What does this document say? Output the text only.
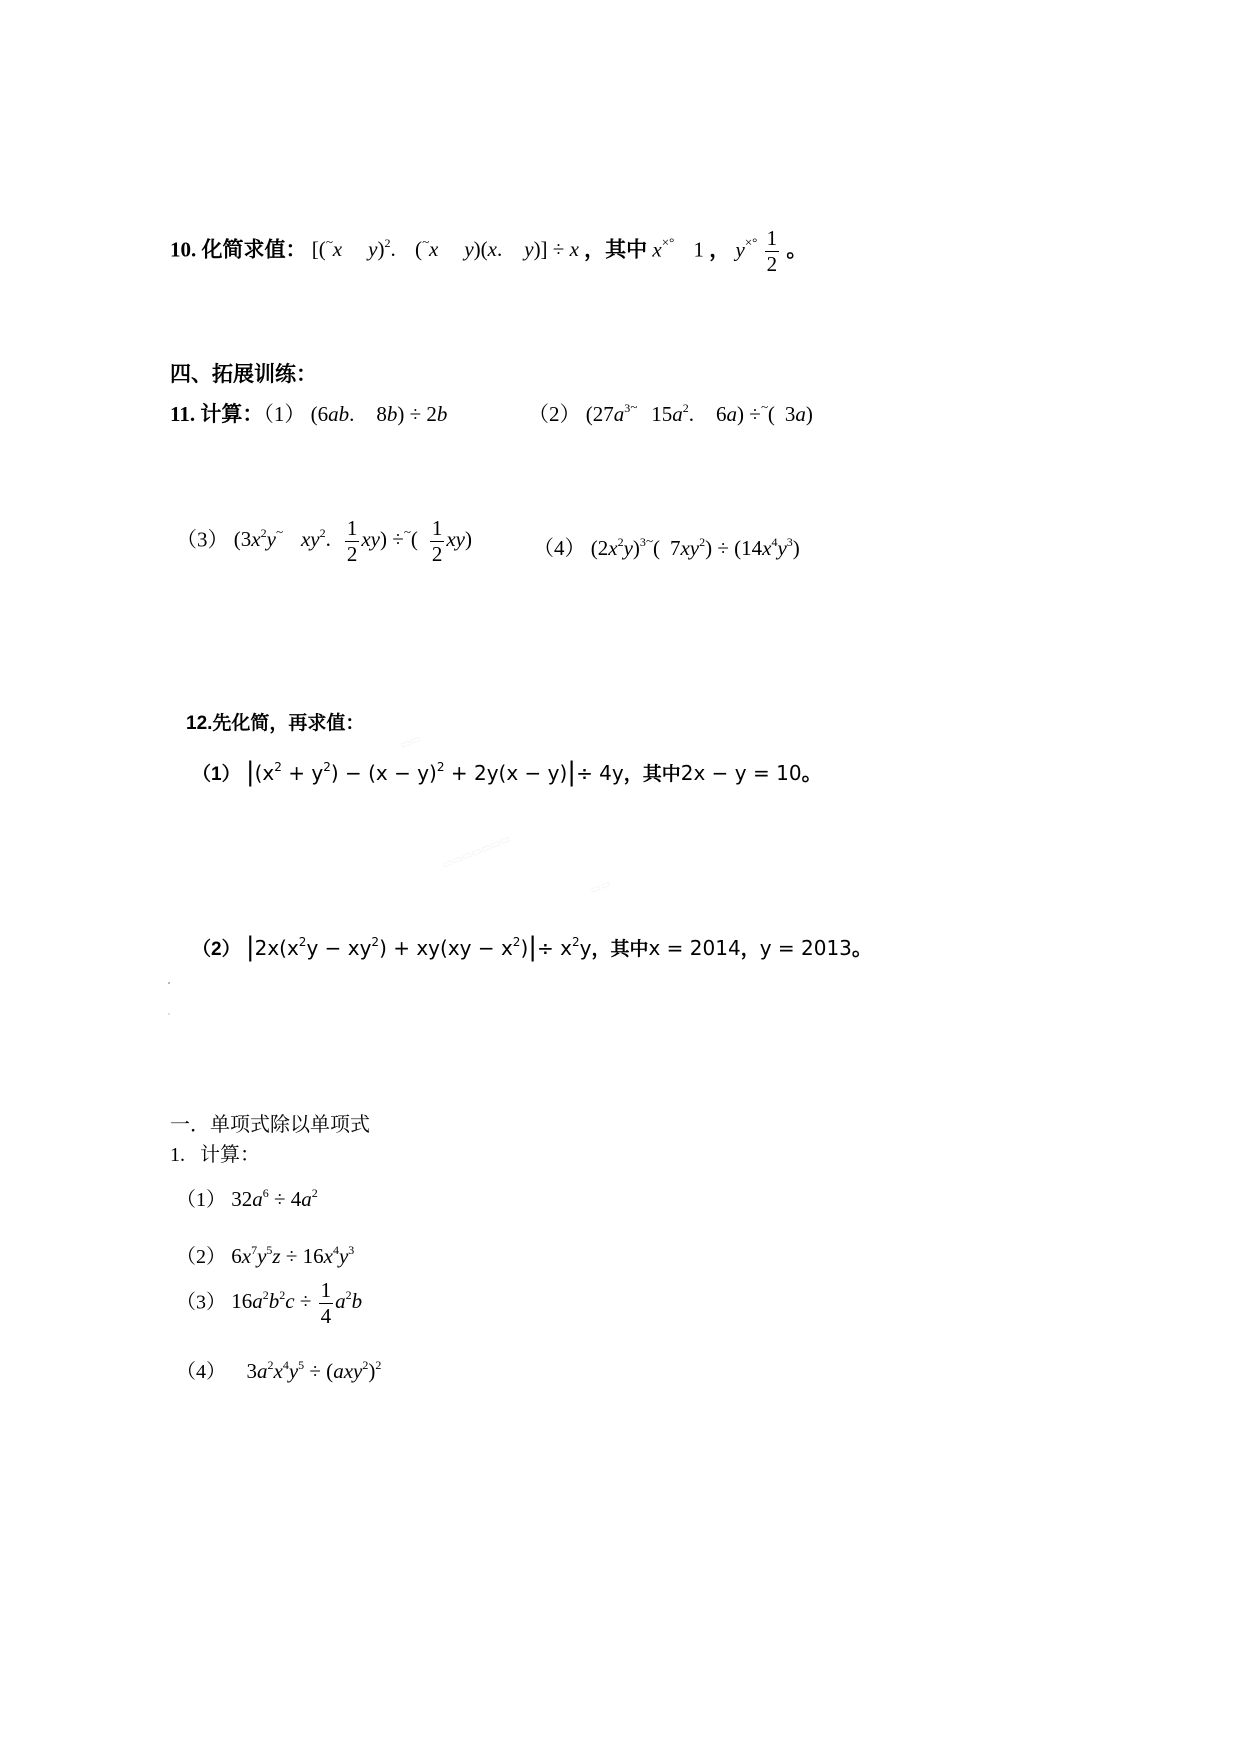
10. 化简求值： [(~x y)$^2$. (~x y)(x. y)] ÷ x ，其中 x×° 1 ， $y^{\times^\circ} \frac{1}{2}$ 。
四、拓展训练：
11. 计算：（1） (6ab. 8b) ÷ 2b	（2） ($27a^{3\sim}$ $15a^2$. 6a) ÷~( 3a)
（3） ($3x^2y^\sim$ $xy^2$. $\frac{1}{2} xy) \div^\sim( \frac{1}{2} xy)$	（4） $(2x^2y)^{3\sim}$( $7xy^2) \div (14x^4y^3)$
12.先化简，再求值：
（1） $|(x^2 + y^2) - (x - y)^2 + 2y(x - y)|\div 4y$，其中2x − y = 10。
（2） $|2x(x^2y - xy^2) + xy(xy - x^2)|\div x^2y$，其中x = 2014，y = 2013。
▭▭
▭▭▭▭▭▭▭
▭▭
一．单项式除以单项式
1.   计算：
（1） $32a^6 \div 4a^2$
（2） $6x^7y^5z \div 16x^4y^3$
（3） $16a^2b^2c \div \frac{1}{4} a^2b$
（4） $3a^2x^4y^5 \div (axy^2)^2$
